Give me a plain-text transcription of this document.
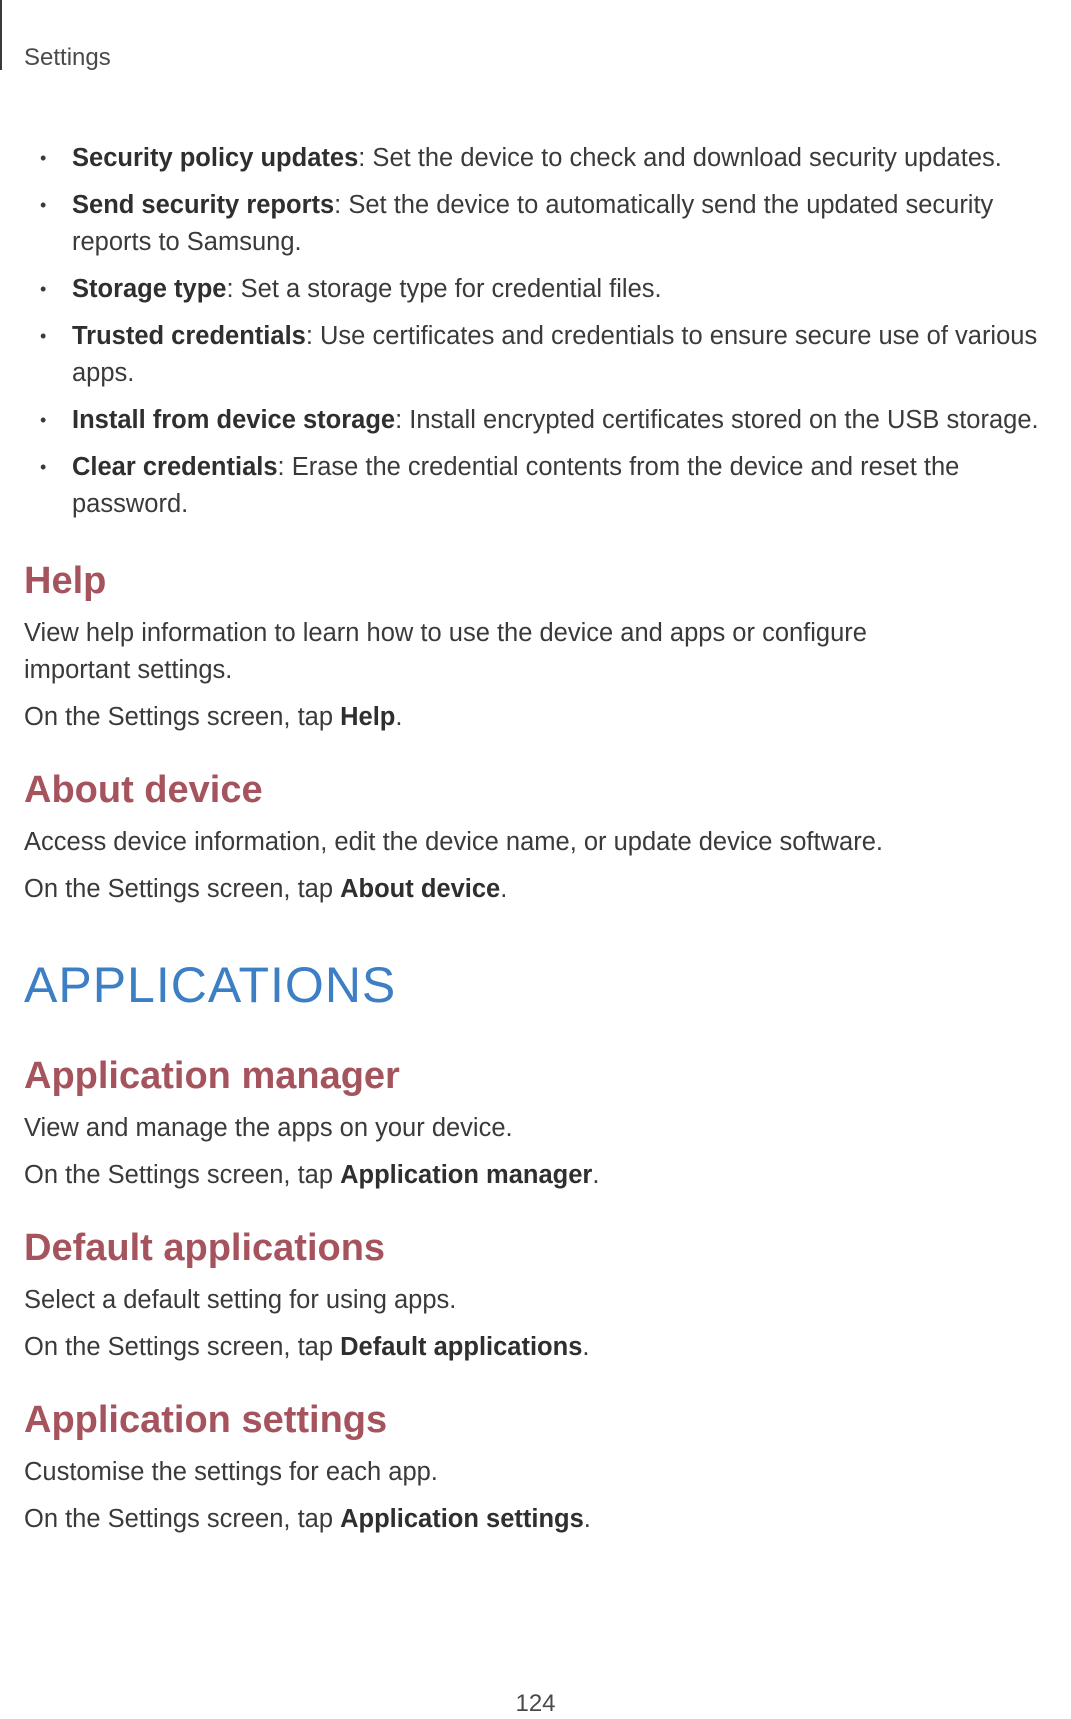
Settings
• Security policy updates: Set the device to check and download security updates.
• Send security reports: Set the device to automatically send the updated security reports to Samsung.
• Storage type: Set a storage type for credential files.
• Trusted credentials: Use certificates and credentials to ensure secure use of various apps.
• Install from device storage: Install encrypted certificates stored on the USB storage.
• Clear credentials: Erase the credential contents from the device and reset the password.
Help

View help information to learn how to use the device and apps or configure important settings.

On the Settings screen, tap Help.

About device

Access device information, edit the device name, or update device software.

On the Settings screen, tap About device.

APPLICATIONS
Application manager

View and manage the apps on your device.

On the Settings screen, tap Application manager.

Default applications

Select a default setting for using apps.

On the Settings screen, tap Default applications.

Application settings

Customise the settings for each app.

On the Settings screen, tap Application settings.

124
